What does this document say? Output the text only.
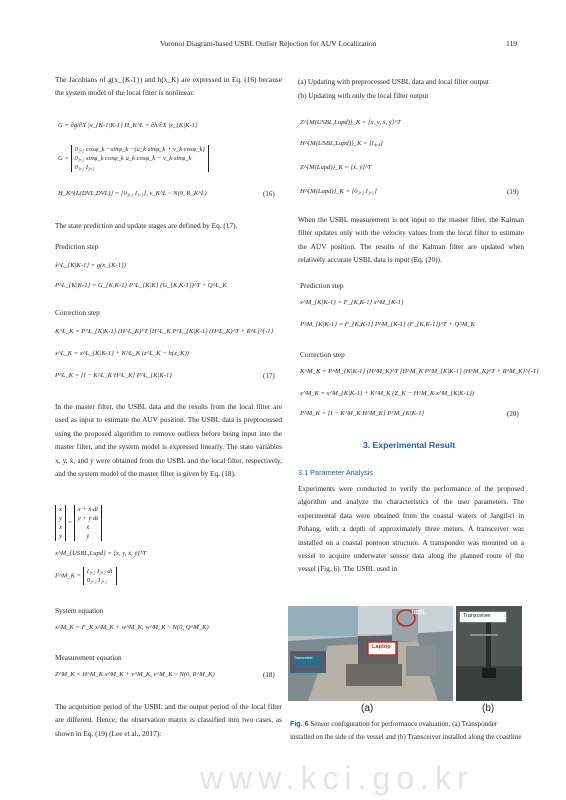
Voronoi Diagram-based USBL Outlier Rejection for AUV Localization	119
www.kci.go.kr
The Jacobians of g(x_{K-1}) and h(x_K) are expressed in Eq. (16) because the system model of the local filter is nonlinear.
G = ∂g/∂X |x_{K-1|K-1} H_K^L = ∂h/∂X |x_{K|K-1}
G =
0₂ₓ₂ cosφ_k −sinφ_k −(u_k·sinφ_k + v_k·cosφ_k)
0₂ₓ₂ sinφ_k cosφ_k u_k·cosφ_k − v_k·sinφ_k
0₁ₓ₂ I₃ₓ₃
H_K^{L(DVL,DVL)} = [0₃ₓ₂ I₃ₓ₃], v_K^L ~ N(0, R_K^L)	(16)
The state prediction and update stages are defined by Eq. (17).
Prediction step
x̂^L_{K|K-1} = g(x_{K-1})
P^L_{K|K-1} = G_{K,K-1} P^L_{K|K} (G_{K,K-1})^T + Q^L_K
Correction step
K^L_K = P^L_{K|K-1} (H^L_K)^T [H^L_K P^L_{K|K-1} (H^L_K)^T + R^L]^{-1}
x^L_K = x^L_{K|K-1} + K^L_K (z^L_K − h(x_K))
P^L_K = [I − K^L_K H^L_K] P^L_{K|K-1}	(17)
In the master filter, the USBL data and the results from the local filter are used as input to estimate the AUV position. The USBL data is preprocessed using the proposed algorithm to remove outliers before being input into the master filter, and the system model is expressed linearly. The state variables x, y, ẋ, and ẏ were obtained from the USBL and the local filter, respectively, and the system model of the master filter is given by Eq. (18).
x
y
ẋ
ẏ
=
x + ẋ·dt
y + ẏ·dt
ẋ
ẏ
x^M_{USBL,Lupd} = [x, y, ẋ, ẏ]^T
F^M_K =
I₂ₓ₂ I₂ₓ₂·dt
0₂ₓ₂ I₂ₓ₂
System equation
x^M_K = F_K x^M_K + w^M_K, w^M_K ~ N(0, Q^M_K)
Measurement equation
Z^M_K = H^M_K x^M_K + v^M_K, v^M_K ~ N(0, R^M_K)	(18)
The acquisition period of the USBL and the output period of the local filter are different. Hence, the observation matrix is classified into two cases, as shown in Eq. (19) (Lee et al., 2017):
(a) Updating with preprocessed USBL data and local filter output
(b) Updating with only the local filter output
Z^{M(USBL,Lupd)}_K = [x, y, ẋ, ẏ]^T
H^{M(USBL,Lupd)}_K = [I₄ₓ₄]
Z^{M(Lupd)}_K = [ẋ, ẏ]^T
H^{M(Lupd)}_K = [0₂ₓ₂ I₂ₓ₂]	(19)
When the USBL measurement is not input to the master filter, the Kalman filter updates only with the velocity values from the local filter to estimate the AUV position. The results of the Kalman filter are updated when relatively accurate USBL data is input (Eq. (20)).
Prediction step
x^M_{K|K-1} = F_{K,K-1} x^M_{K-1}
P^M_{K|K-1} = F_{K,K-1} P^M_{K-1} (F_{K,K-1})^T + Q^M_K
Correction step
K^M_K = P^M_{K|K-1} (H^M_K)^T [H^M_K P^M_{K|K-1} (H^M_K)^T + R^M_K]^{-1}
x^M_K = x^M_{K|K-1} + K^M_K (Z_K − H^M_K x^M_{K|K-1})
P^M_K = [I − K^M_K H^M_K] P^M_{K|K-1}	(20)
3. Experimental Result
3.1 Parameter Analysis
Experiments were conducted to verify the performance of the proposed algorithm and analyze the characteristics of the user parameters. The experimental data were obtained from the coastal waters of Jangil-ri in Pohang, with a depth of approximately three meters. A transceiver was installed on a coastal pontoon structure. A transponder was mounted on a vessel to acquire underwater sensor data along the planned route of the vessel (Fig. 6). The USBL used in
USBL
Laptop
Transceiver
Transceiver
(a)	(b)
Fig. 6 Sensor configuration for performance evaluation. (a) Transponder installed on the side of the vessel and (b) Transceiver installed along the coastline
